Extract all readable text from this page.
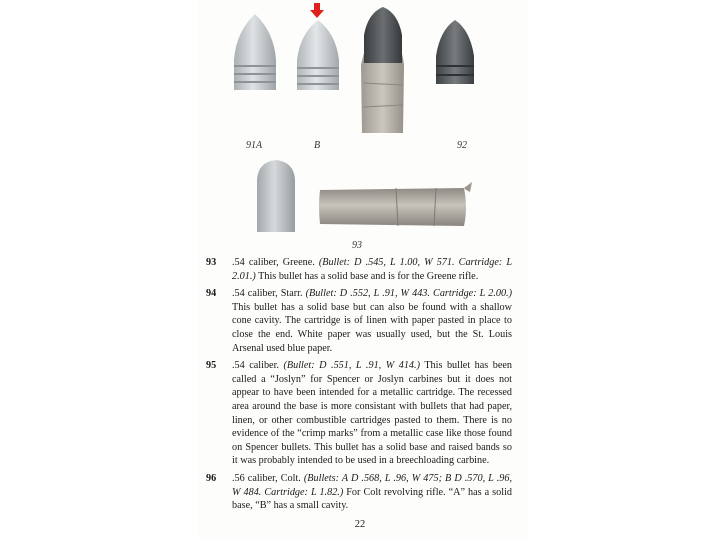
91A	B	92
93
93	.54 caliber, Greene. (Bullet: D .545, L 1.00, W 571. Cartridge: L 2.01.) This bullet has a solid base and is for the Greene rifle.
94	.54 caliber, Starr. (Bullet: D .552, L .91, W 443. Cartridge: L 2.00.) This bullet has a solid base but can also be found with a shallow cone cavity. The cartridge is of linen with paper pasted in place to close the end. White paper was usually used, but the St. Louis Arsenal used blue paper.
95	.54 caliber. (Bullet: D .551, L .91, W 414.) This bullet has been called a “Joslyn” for Spencer or Joslyn carbines but it does not appear to have been intended for a metallic cartridge. The recessed area around the base is more consistant with bullets that had paper, linen, or other combustible cartridges pasted to them. There is no evidence of the “crimp marks” from a metallic case like those found on Spencer bullets. This bullet has a solid base and raised bands so it was probably intended to be used in a breechloading carbine.
96	.56 caliber, Colt. (Bullets: A D .568, L .96, W 475; B D .570, L .96, W 484. Cartridge: L 1.82.) For Colt revolving rifle. “A” has a solid base, “B” has a small cavity.
22
